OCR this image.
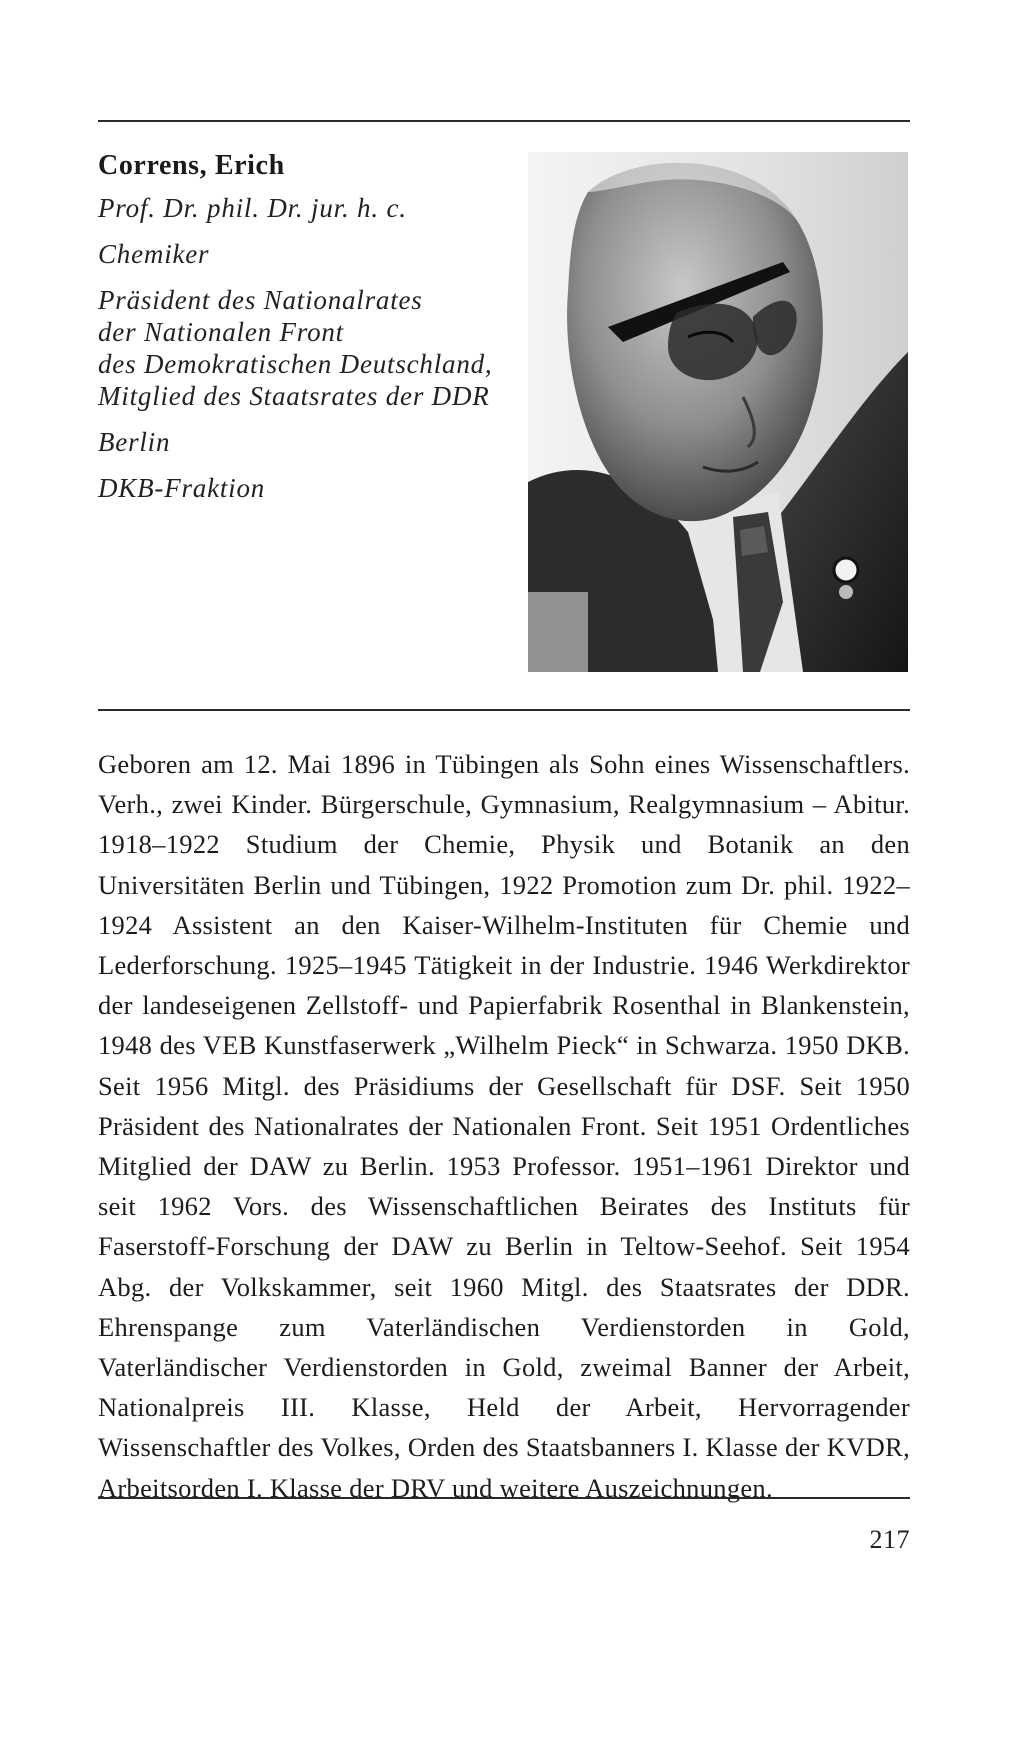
Correns, Erich
Prof. Dr. phil. Dr. jur. h. c.
Chemiker
Präsident des Nationalrates
der Nationalen Front
des Demokratischen Deutschland,
Mitglied des Staatsrates der DDR
Berlin
DKB-Fraktion

Geboren am 12. Mai 1896 in Tübingen als Sohn eines Wissenschaftlers. Verh., zwei Kinder. Bürgerschule, Gymnasium, Realgymnasium – Abitur. 1918–1922 Studium der Chemie, Physik und Botanik an den Universitäten Berlin und Tübingen, 1922 Promotion zum Dr. phil. 1922–1924 Assistent an den Kaiser-Wilhelm-Instituten für Chemie und Lederforschung. 1925–1945 Tätigkeit in der Industrie. 1946 Werkdirektor der landeseigenen Zellstoff- und Papierfabrik Rosenthal in Blankenstein, 1948 des VEB Kunstfaserwerk „Wilhelm Pieck“ in Schwarza. 1950 DKB. Seit 1956 Mitgl. des Präsidiums der Gesellschaft für DSF. Seit 1950 Präsident des Nationalrates der Nationalen Front. Seit 1951 Ordentliches Mitglied der DAW zu Berlin. 1953 Professor. 1951–1961 Direktor und seit 1962 Vors. des Wissenschaftlichen Beirates des Instituts für Faserstoff-Forschung der DAW zu Berlin in Teltow-Seehof. Seit 1954 Abg. der Volkskammer, seit 1960 Mitgl. des Staatsrates der DDR. Ehrenspange zum Vaterländischen Verdienstorden in Gold, Vaterländischer Verdienstorden in Gold, zweimal Banner der Arbeit, Nationalpreis III. Klasse, Held der Arbeit, Hervorragender Wissenschaftler des Volkes, Orden des Staatsbanners I. Klasse der KVDR, Arbeitsorden I. Klasse der DRV und weitere Auszeichnungen.

217
